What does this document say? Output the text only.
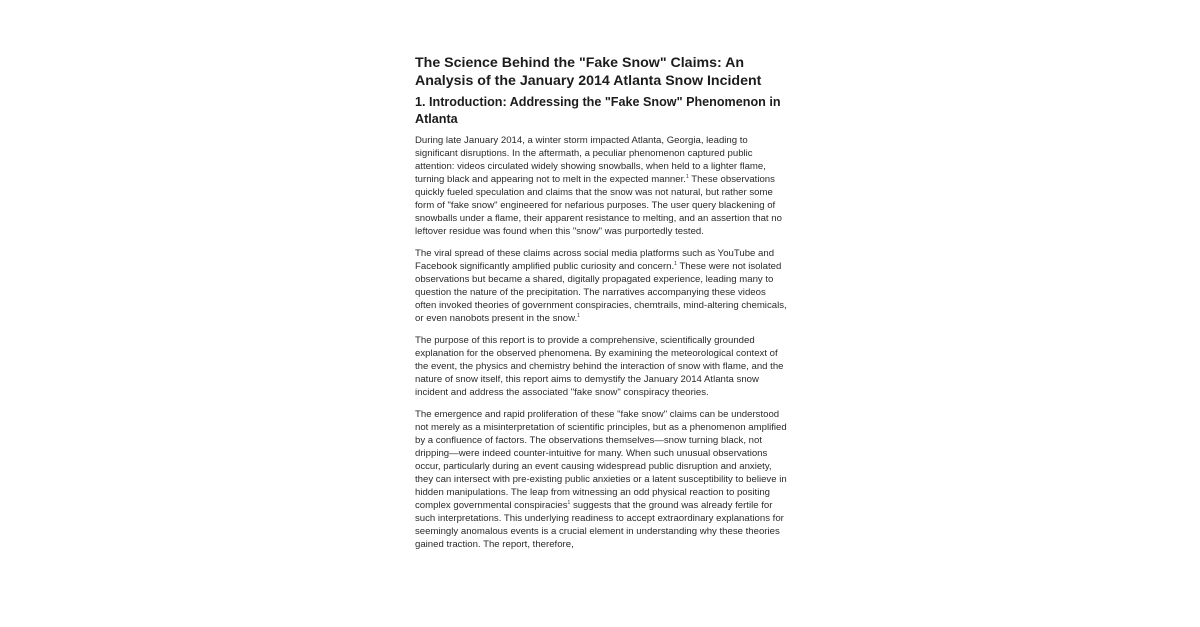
The Science Behind the "Fake Snow" Claims: An Analysis of the January 2014 Atlanta Snow Incident
1. Introduction: Addressing the "Fake Snow" Phenomenon in Atlanta

During late January 2014, a winter storm impacted Atlanta, Georgia, leading to significant disruptions. In the aftermath, a peculiar phenomenon captured public attention: videos circulated widely showing snowballs, when held to a lighter flame, turning black and appearing not to melt in the expected manner.$^1$ These observations quickly fueled speculation and claims that the snow was not natural, but rather some form of "fake snow" engineered for nefarious purposes. The user query blackening of snowballs under a flame, their apparent resistance to melting, and an assertion that no leftover residue was found when this "snow" was purportedly tested.

The viral spread of these claims across social media platforms such as YouTube and Facebook significantly amplified public curiosity and concern.$^1$ These were not isolated observations but became a shared, digitally propagated experience, leading many to question the nature of the precipitation. The narratives accompanying these videos often invoked theories of government conspiracies, chemtrails, mind-altering chemicals, or even nanobots present in the snow.$^1$

The purpose of this report is to provide a comprehensive, scientifically grounded explanation for the observed phenomena. By examining the meteorological context of the event, the physics and chemistry behind the interaction of snow with flame, and the nature of snow itself, this report aims to demystify the January 2014 Atlanta snow incident and address the associated "fake snow" conspiracy theories.

The emergence and rapid proliferation of these "fake snow" claims can be understood not merely as a misinterpretation of scientific principles, but as a phenomenon amplified by a confluence of factors. The observations themselves—snow turning black, not dripping—were indeed counter-intuitive for many. When such unusual observations occur, particularly during an event causing widespread public disruption and anxiety, they can intersect with pre-existing public anxieties or a latent susceptibility to believe in hidden manipulations. The leap from witnessing an odd physical reaction to positing complex governmental conspiracies$^1$ suggests that the ground was already fertile for such interpretations. This underlying readiness to accept extraordinary explanations for seemingly anomalous events is a crucial element in understanding why these theories gained traction. The report, therefore,
